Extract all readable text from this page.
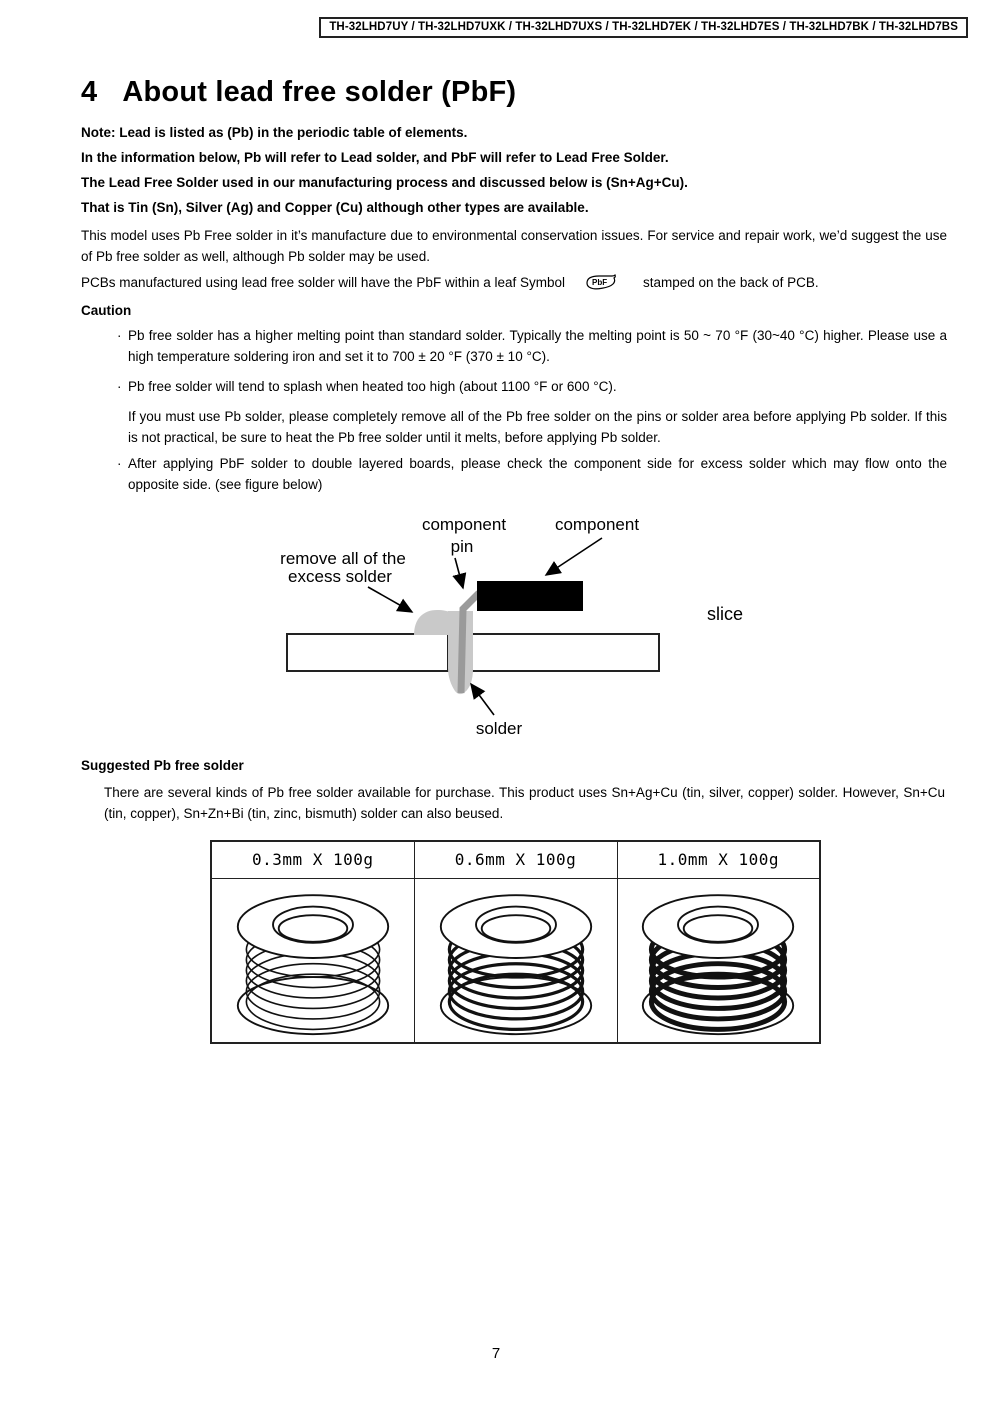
TH-32LHD7UY / TH-32LHD7UXK / TH-32LHD7UXS / TH-32LHD7EK / TH-32LHD7ES / TH-32LHD7BK / TH-32LHD7BS
4 About lead free solder (PbF)

Note: Lead is listed as (Pb) in the periodic table of elements.

In the information below, Pb will refer to Lead solder, and PbF will refer to Lead Free Solder.

The Lead Free Solder used in our manufacturing process and discussed below is (Sn+Ag+Cu).

That is Tin (Sn), Silver (Ag) and Copper (Cu) although other types are available.

This model uses Pb Free solder in it’s manufacture due to environmental conservation issues. For service and repair work, we’d suggest the use of Pb free solder as well, although Pb solder may be used.

PCBs manufactured using lead free solder will have the PbF within a leaf Symbol	PbF	stamped on the back of PCB.

Caution
· Pb free solder has a higher melting point than standard solder. Typically the melting point is 50 ~ 70 °F (30~40 °C) higher. Please use a high temperature soldering iron and set it to 700 ± 20 °F (370 ± 10 °C).

· Pb free solder will tend to splash when heated too high (about 1100 °F or 600 °C).

If you must use Pb solder, please completely remove all of the Pb free solder on the pins or solder area before applying Pb solder. If this is not practical, be sure to heat the Pb free solder until it melts, before applying Pb solder.

· After applying PbF solder to double layered boards, please check the component side for excess solder which may flow onto the opposite side. (see figure below)

component
pin
component
remove all of the
excess solder
slice
solder
Suggested Pb free solder

There are several kinds of Pb free solder available for purchase. This product uses Sn+Ag+Cu (tin, silver, copper) solder. However, Sn+Cu (tin, copper), Sn+Zn+Bi (tin, zinc, bismuth) solder can also beused.

0.3mm X 100g	0.6mm X 100g	1.0mm X 100g

7
